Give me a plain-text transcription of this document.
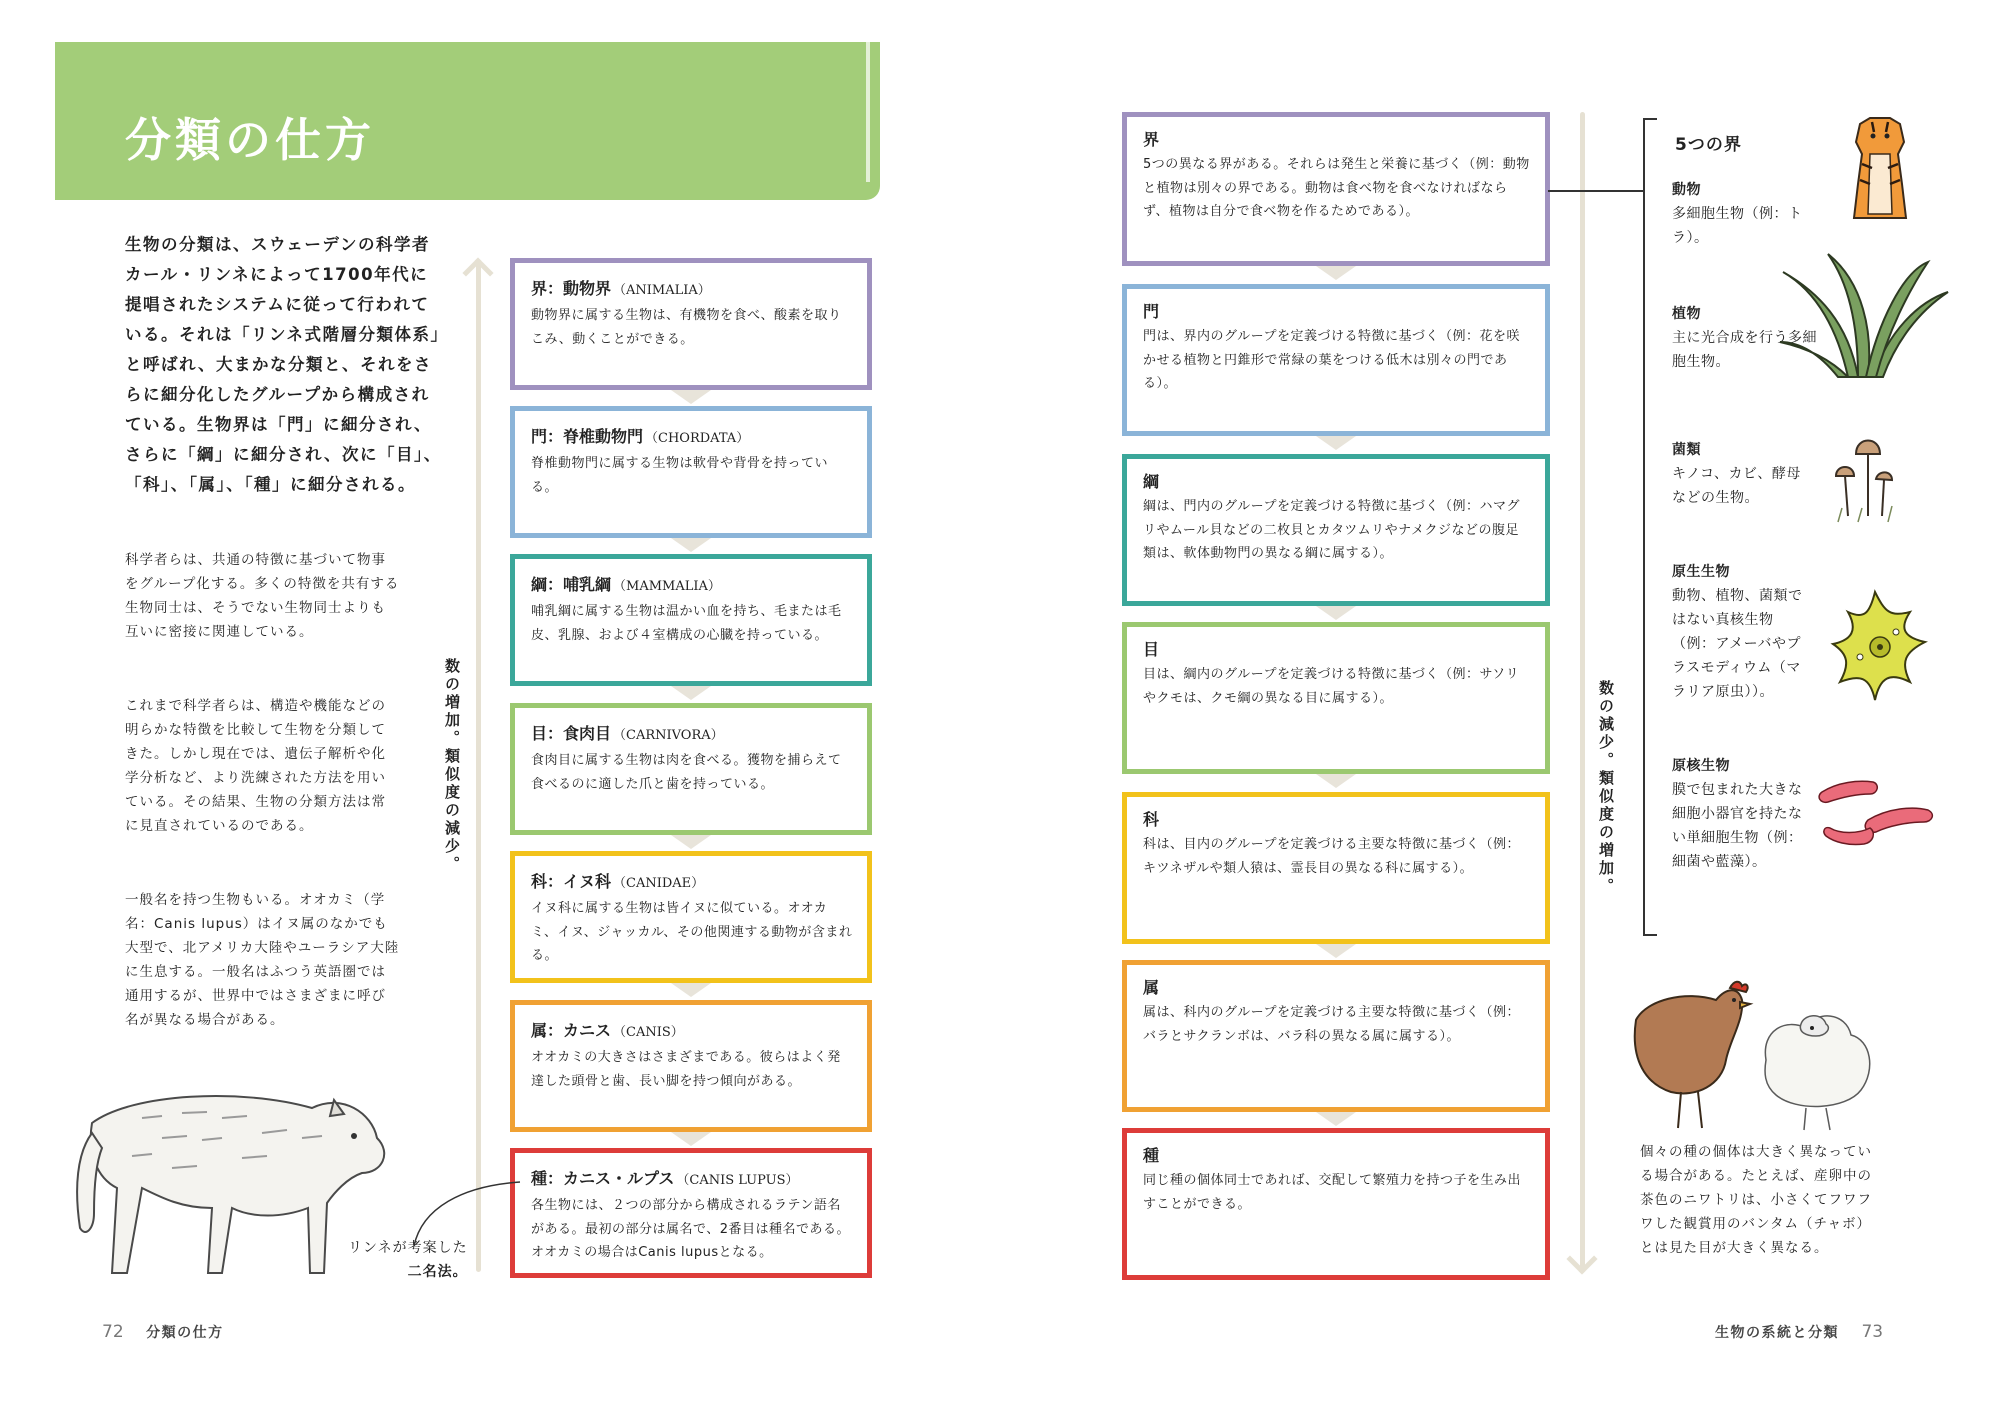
分類の仕方
生物の分類は、スウェーデンの科学者カール・リンネによって1700年代に提唱されたシステムに従って行われている。それは「リンネ式階層分類体系」と呼ばれ、大まかな分類と、それをさらに細分化したグループから構成されている。生物界は「門」に細分され、さらに「綱」に細分され、次に「目」、「科」、「属」、「種」に細分される。
科学者らは、共通の特徴に基づいて物事をグループ化する。多くの特徴を共有する生物同士は、そうでない生物同士よりも互いに密接に関連している。
これまで科学者らは、構造や機能などの明らかな特徴を比較して生物を分類してきた。しかし現在では、遺伝子解析や化学分析など、より洗練された方法を用いている。その結果、生物の分類方法は常に見直されているのである。
一般名を持つ生物もいる。オオカミ（学名：Canis lupus）はイヌ属のなかでも大型で、北アメリカ大陸やユーラシア大陸に生息する。一般名はふつう英語圏では通用するが、世界中ではさまざまに呼び名が異なる場合がある。
数の増加。類似度の減少。
界：動物界 （ANIMALIA）
動物界に属する生物は、有機物を食べ、酸素を取りこみ、動くことができる。
門：脊椎動物門 （CHORDATA）
脊椎動物門に属する生物は軟骨や背骨を持っている。
綱：哺乳綱 （MAMMALIA）
哺乳綱に属する生物は温かい血を持ち、毛または毛皮、乳腺、および４室構成の心臓を持っている。
目：食肉目 （CARNIVORA）
食肉目に属する生物は肉を食べる。獲物を捕らえて食べるのに適した爪と歯を持っている。
科：イヌ科 （CANIDAE）
イヌ科に属する生物は皆イヌに似ている。オオカミ、イヌ、ジャッカル、その他関連する動物が含まれる。
属：カニス （CANIS）
オオカミの大きさはさまざまである。彼らはよく発達した頭骨と歯、長い脚を持つ傾向がある。
種：カニス・ルプス （CANIS LUPUS）
各生物には、２つの部分から構成されるラテン語名がある。最初の部分は属名で、2番目は種名である。オオカミの場合はCanis lupusとなる。
リンネが考案した
二名法。
72 分類の仕方
界
5つの異なる界がある。それらは発生と栄養に基づく（例：動物と植物は別々の界である。動物は食べ物を食べなければならず、植物は自分で食べ物を作るためである）。
門
門は、界内のグループを定義づける特徴に基づく（例：花を咲かせる植物と円錐形で常緑の葉をつける低木は別々の門である）。
綱
綱は、門内のグループを定義づける特徴に基づく（例：ハマグリやムール貝などの二枚貝とカタツムリやナメクジなどの腹足類は、軟体動物門の異なる綱に属する）。
目
目は、綱内のグループを定義づける特徴に基づく（例：サソリやクモは、クモ綱の異なる目に属する）。
科
科は、目内のグループを定義づける主要な特徴に基づく（例：キツネザルや類人猿は、霊長目の異なる科に属する）。
属
属は、科内のグループを定義づける主要な特徴に基づく（例：バラとサクランボは、バラ科の異なる属に属する）。
種
同じ種の個体同士であれば、交配して繁殖力を持つ子を生み出すことができる。
数の減少。類似度の増加。
5つの界
動物
多細胞生物（例：トラ）。
植物
主に光合成を行う多細胞生物。
菌類
キノコ、カビ、酵母などの生物。
原生生物
動物、植物、菌類ではない真核生物（例：アメーバやプラスモディウム（マラリア原虫））。
原核生物
膜で包まれた大きな細胞小器官を持たない単細胞生物（例：細菌や藍藻）。
個々の種の個体は大きく異なっている場合がある。たとえば、産卵中の茶色のニワトリは、小さくてフワフワした観賞用のバンタム（チャボ）とは見た目が大きく異なる。
生物の系統と分類 73
